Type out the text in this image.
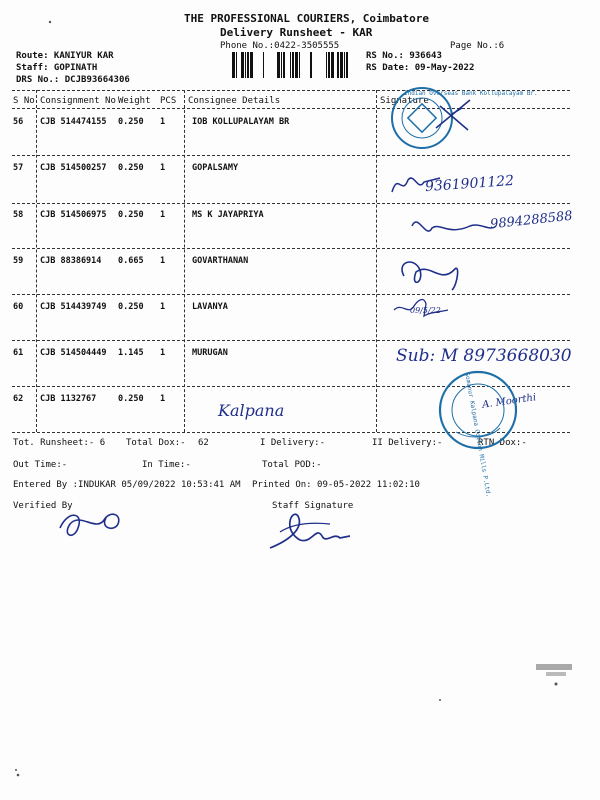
THE PROFESSIONAL COURIERS, Coimbatore
Delivery Runsheet - KAR
Phone No.:0422-3505555	Page No.:6
Route: KANIYUR KAR
Staff: GOPINATH
DRS No.: DCJB93664306
RS No.: 936643
RS Date: 09-May-2022
S No Consignment No Weight PCS Consignee Details	Signature
56 CJB 514474155 0.250 1	IOB KOLLUPALAYAM BR
57 CJB 514500257 0.250 1	GOPALSAMY
58 CJB 514506975 0.250 1	MS K JAYAPRIYA
59 CJB 88386914 0.665 1	GOVARTHANAN
60 CJB 514439749 0.250 1	LAVANYA
61 CJB 514504449 1.145 1	MURUGAN
62 CJB 1132767	0.250 1
Tot. Runsheet:- 6 Total Dox:- 62	I Delivery:-	II Delivery:-	RTN Dox:-
Out Time:-	In Time:-	Total POD:-
Entered By :INDUKAR 05/09/2022 10:53:41 AM Printed On: 09-05-2022 11:02:10
Verified By	Staff Signature
9361901122
9894288588
09/5/22
Sub: M 8973668030
Kalpana	A. Moorthi
Indian Overseas Bank Kollupalayam Br.
Somanur Kalpana Cotton Mills P.Ltd.
